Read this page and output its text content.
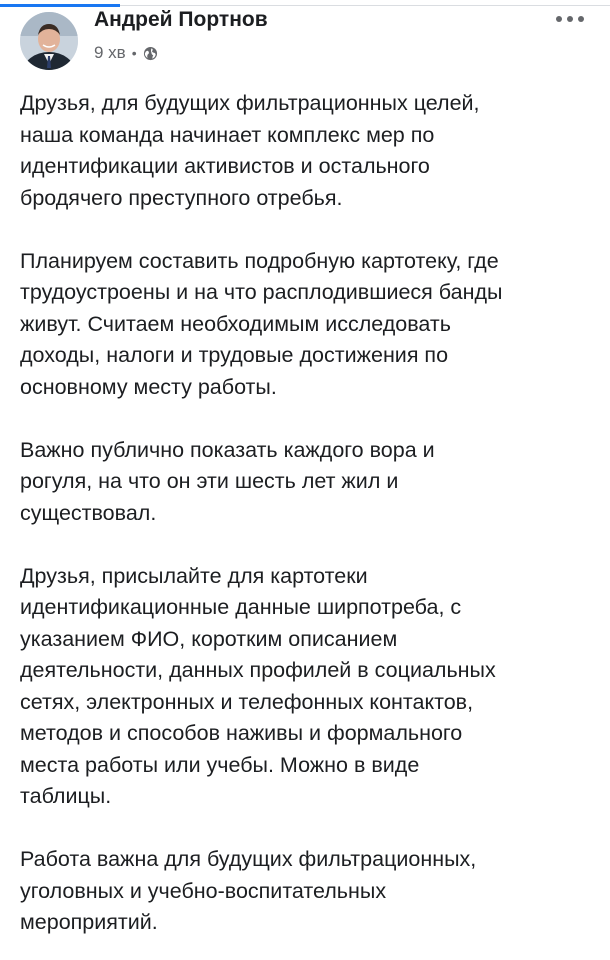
Андрей Портнов
9 хв •

Друзья, для будущих фильтрационных целей,
наша команда начинает комплекс мер по
идентификации активистов и остального
бродячего преступного отребья.

Планируем составить подробную картотеку, где
трудоустроены и на что расплодившиеся банды
живут. Считаем необходимым исследовать
доходы, налоги и трудовые достижения по
основному месту работы.

Важно публично показать каждого вора и
рогуля, на что он эти шесть лет жил и
существовал.

Друзья, присылайте для картотеки
идентификационные данные ширпотреба, с
указанием ФИО, коротким описанием
деятельности, данных профилей в социальных
сетях, электронных и телефонных контактов,
методов и способов наживы и формального
места работы или учебы. Можно в виде
таблицы.

Работа важна для будущих фильтрационных,
уголовных и учебно-воспитательных
мероприятий.
